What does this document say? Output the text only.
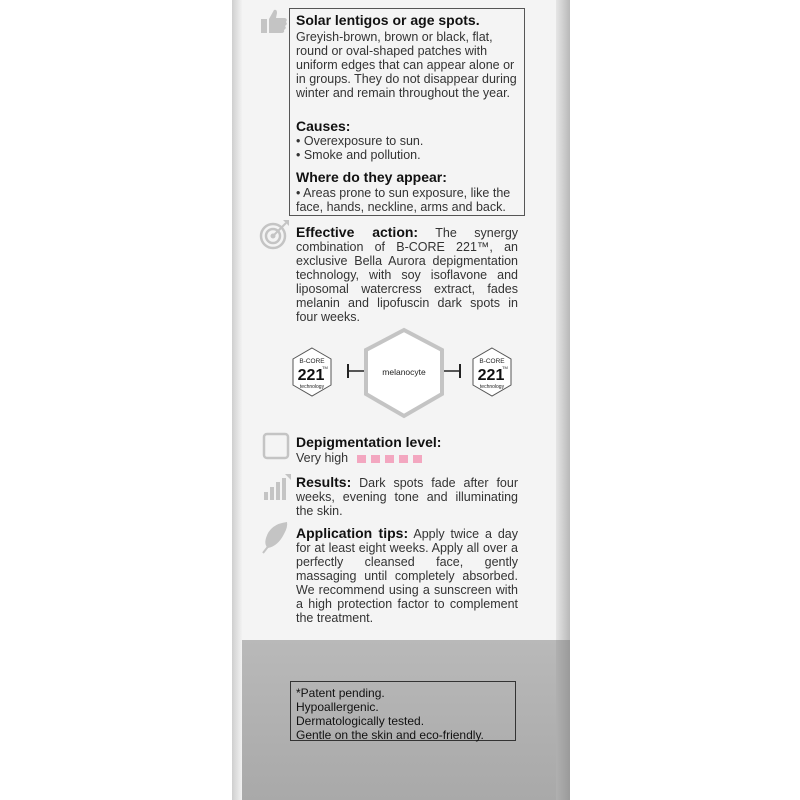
Solar lentigos or age spots.
Greyish-brown, brown or black, flat, round or oval-shaped patches with uniform edges that can appear alone or in groups. They do not disappear during winter and remain throughout the year.
Causes:
• Overexposure to sun.
• Smoke and pollution.
Where do they appear:
• Areas prone to sun exposure, like the face, hands, neckline, arms and back.
Effective action: The synergy combination of B-CORE 221™, an exclusive Bella Aurora depigmentation technology, with soy isoflavone and liposomal watercress extract, fades melanin and lipofuscin dark spots in four weeks.
B-CORE
221
TM
technology
melanocyte
B-CORE
221
TM
technology
Depigmentation level:
Very high
Results: Dark spots fade after four weeks, evening tone and illuminating the skin.
Application tips: Apply twice a day for at least eight weeks. Apply all over a perfectly cleansed face, gently massaging until completely absorbed. We recommend using a sunscreen with a high protection factor to complement the treatment.
*Patent pending.
Hypoallergenic.
Dermatologically tested.
Gentle on the skin and eco-friendly.
